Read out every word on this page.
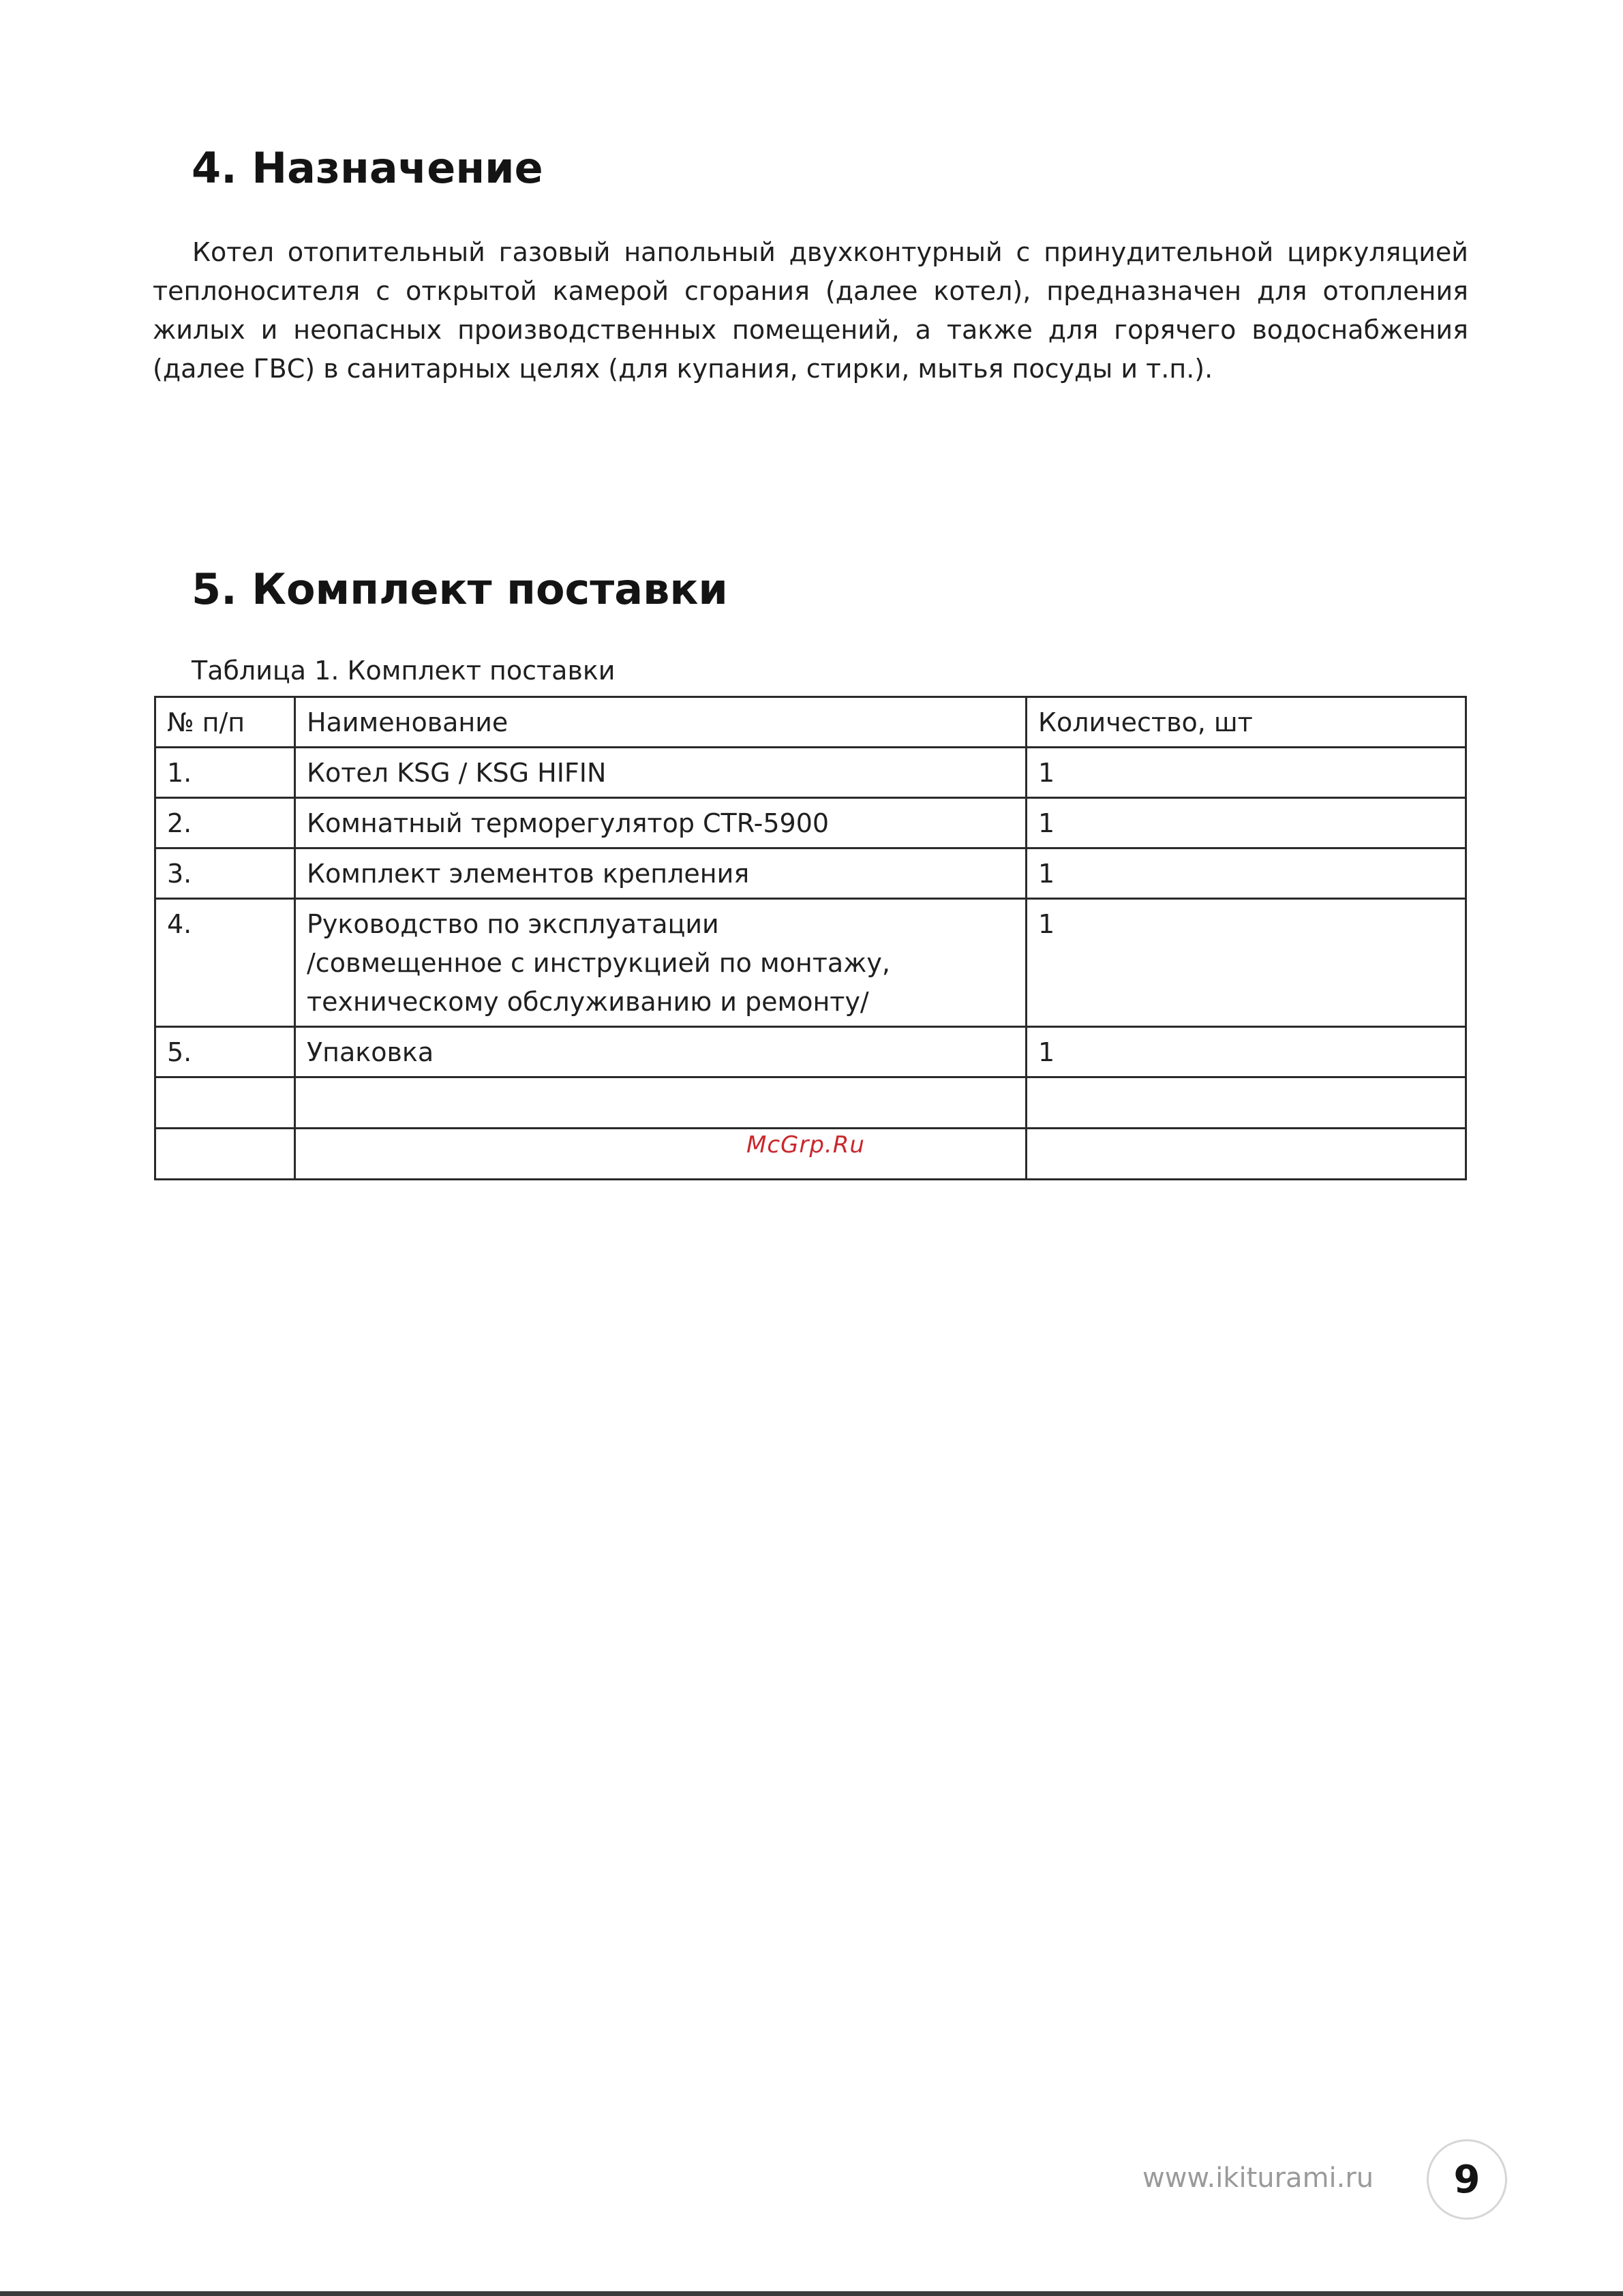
4. Назначение

Котел отопительный газовый напольный двухконтурный с принудительной циркуляцией теплоносителя с открытой камерой сгорания (далее котел), предназначен для отопления жилых и неопасных производственных помещений, а также для горячего водоснабжения (далее ГВС) в санитарных целях (для купания, стирки, мытья посуды и т.п.).

5. Комплект поставки

Таблица 1. Комплект поставки

№ п/п	Наименование	Количество, шт
1.	Котел KSG / KSG HIFIN	1
2.	Комнатный терморегулятор CTR-5900	1
3.	Комплект элементов крепления	1
4.	Руководство по эксплуатации
/совмещенное с инструкцией по монтажу,
техническому обслуживанию и ремонту/	1
5.	Упаковка	1

McGrp.Ru
www.ikiturami.ru	9
